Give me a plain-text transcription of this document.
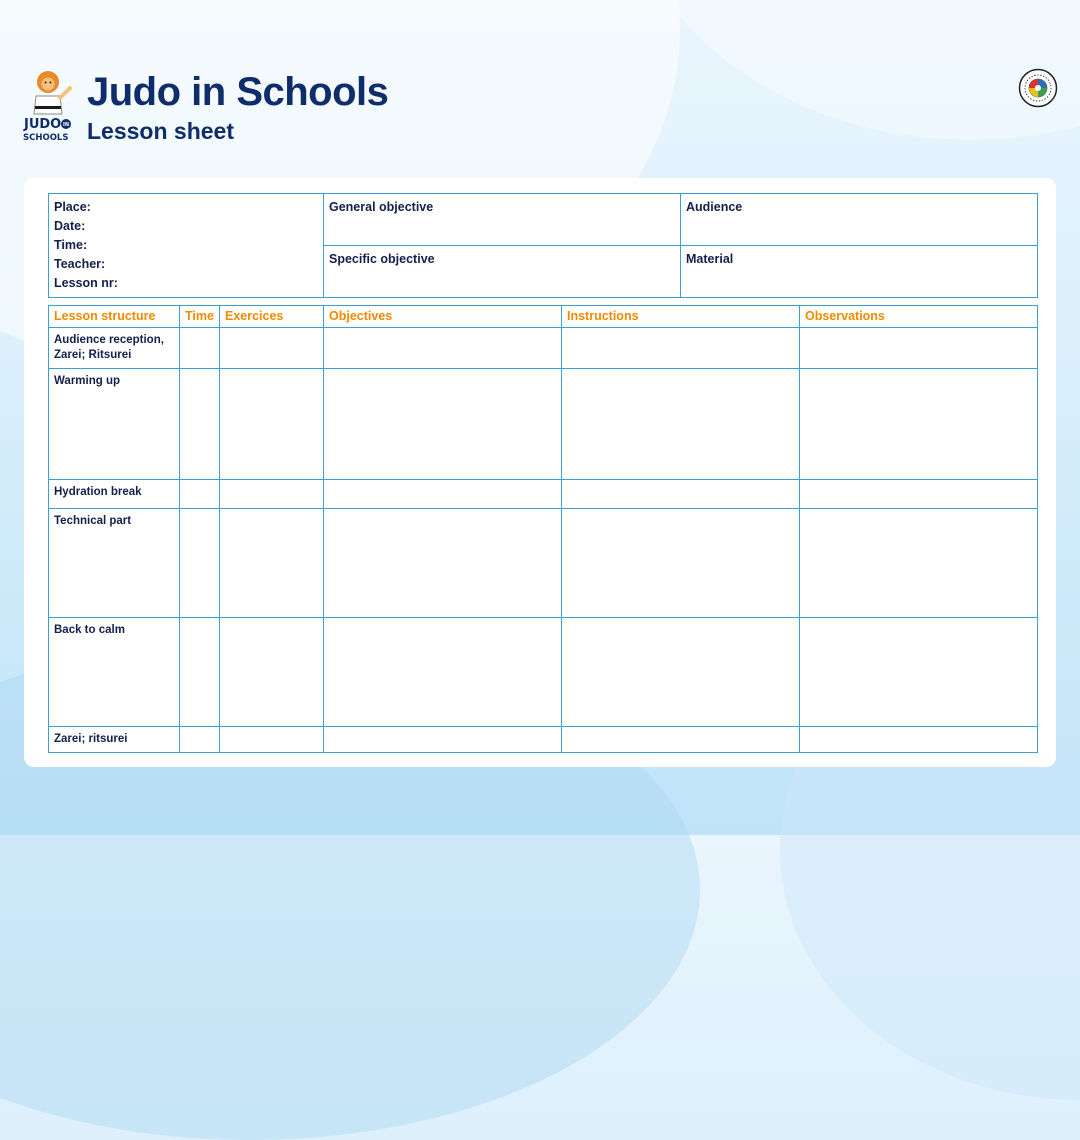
JUDO IN
SCHOOLS
Judo in Schools
Lesson sheet
Place:
Date:
Time:
Teacher:
Lesson nr:	General objective	Audience
	Specific objective	Material
Lesson structure	Time	Exercices	Objectives	Instructions	Observations
Audience reception, Zarei; Ritsurei					
Warming up					
Hydration break					
Technical part					
Back to calm					
Zarei; ritsurei					
